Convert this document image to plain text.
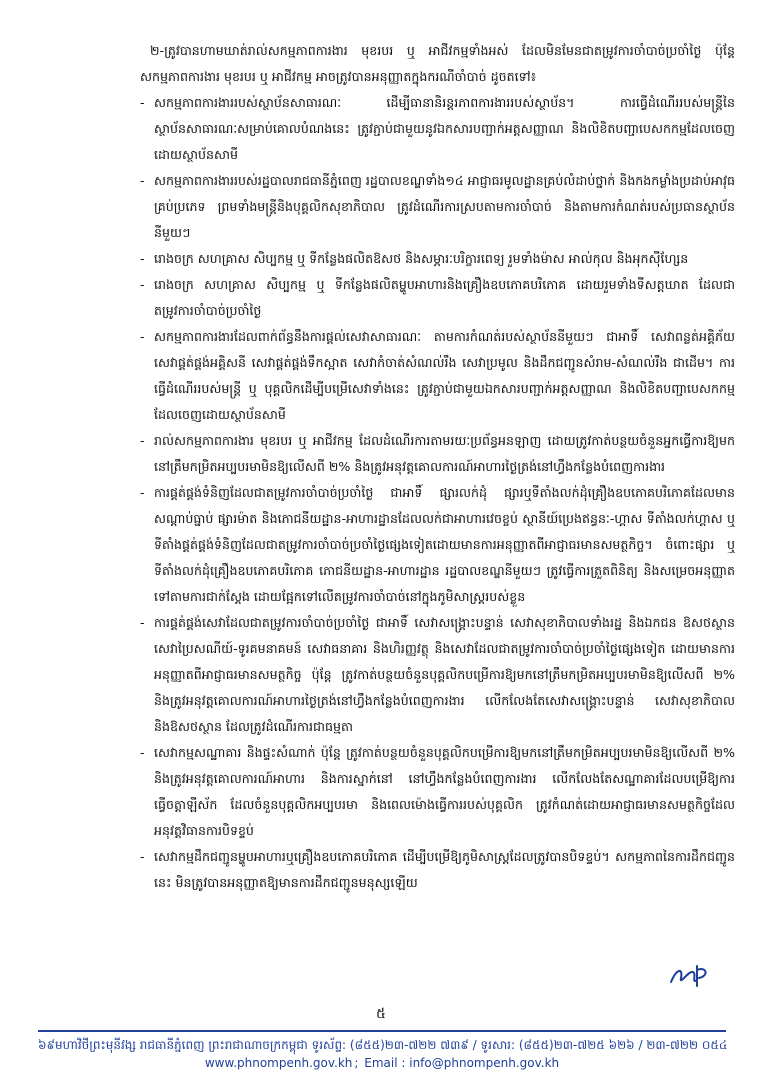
២-ត្រូវបានហាមឃាត់រាល់សកម្មភាពការងារ មុខរបរ ឬ អាជីវកម្មទាំងអស់ ដែលមិនមែនជាតម្រូវការចាំបាច់ប្រចាំថ្ងៃ ប៉ុន្តែ សកម្មភាពការងារ មុខរបរ ឬ អាជីវកម្ម អាចត្រូវបានអនុញ្ញាតក្នុងករណីចាំបាច់ ដូចតទៅ៖

- សកម្មភាពការងាររបស់ស្ថាប័នសាធារណៈ ដើម្បីធានានិរន្តរភាពការងាររបស់ស្ថាប័ន។ ការធ្វើដំណើររបស់មន្ត្រីនៃស្ថាប័នសាធារណៈសម្រាប់គោលបំណងនេះ ត្រូវភ្ជាប់ជាមួយនូវឯកសារបញ្ជាក់អត្តសញ្ញាណ និងលិខិតបញ្ជាបេសកកម្មដែលចេញដោយស្ថាប័នសាមី

- សកម្មភាពការងាររបស់រដ្ឋបាលរាជធានីភ្នំពេញ រដ្ឋបាលខណ្ឌទាំង១៤ អាជ្ញាធរមូលដ្ឋានគ្រប់លំដាប់ថ្នាក់ និងកងកម្លាំងប្រដាប់អាវុធគ្រប់ប្រភេទ ព្រមទាំងមន្ត្រីនិងបុគ្គលិកសុខាភិបាល ត្រូវដំណើរការស្របតាមការចាំបាច់ និងតាមការកំណត់របស់ប្រធានស្ថាប័ននីមួយៗ

- រោងចក្រ សហគ្រាស សិប្បកម្ម ឬ ទីកន្លែងផលិតឱសថ និងសម្ភារៈបរិក្ខារពេទ្យ រួមទាំងម៉ាស អាល់កុល និងអុកស៊ីហ្សែន

- រោងចក្រ សហគ្រាស សិប្បកម្ម ឬ ទីកន្លែងផលិតម្ហូបអាហារនិងគ្រឿងឧបភោគបរិភោគ ដោយរួមទាំងទីសត្តឃាត ដែលជាតម្រូវការចាំបាច់ប្រចាំថ្ងៃ

- សកម្មភាពការងារដែលពាក់ព័ន្ធនឹងការផ្តល់សេវាសាធារណៈ តាមការកំណត់របស់ស្ថាប័ននីមួយៗ ជាអាទិ៍ សេវាពន្លត់អគ្គិភ័យ សេវាផ្គត់ផ្គង់អគ្គិសនី សេវាផ្គត់ផ្គង់ទឹកស្អាត សេវាកំចាត់សំណល់រឹង សេវាប្រមូល និងដឹកជញ្ជូនសំរាម-សំណល់រឹង ជាដើម។ ការធ្វើដំណើររបស់មន្ត្រី ឬ បុគ្គលិកដើម្បីបម្រើសេវាទាំងនេះ ត្រូវភ្ជាប់ជាមួយឯកសារបញ្ជាក់អត្តសញ្ញាណ និងលិខិតបញ្ជាបេសកកម្មដែលចេញដោយស្ថាប័នសាមី

- រាល់សកម្មភាពការងារ មុខរបរ ឬ អាជីវកម្ម ដែលដំណើរការតាមរយៈប្រព័ន្ធអនឡាញ ដោយត្រូវកាត់បន្ថយចំនួនអ្នកធ្វើការឱ្យមកនៅត្រឹមកម្រិតអប្បបរមាមិនឱ្យលើសពី ២% និងត្រូវអនុវត្តគោលការណ៍អាហារថ្ងៃត្រង់នៅហ្វឹងកន្លែងបំពេញការងារ

- ការផ្គត់ផ្គង់ទំនិញដែលជាតម្រូវការចាំបាច់ប្រចាំថ្ងៃ ជាអាទិ៍ ផ្សារលក់ដុំ ផ្សារឬទីតាំងលក់ដុំគ្រឿងឧបភោគបរិភោគដែលមានសណ្តាប់ធ្នាប់ ផ្សារម៉ាត និងភោជនីយដ្ឋាន-អាហារដ្ឋានដែលលក់ជាអាហារវេចខ្ចប់ ស្ថានីយ៍ប្រេងឥន្ធនៈ-ហ្គាស ទីតាំងលក់ហ្គាស ឬ ទីតាំងផ្គត់ផ្គង់ទំនិញដែលជាតម្រូវការចាំបាច់ប្រចាំថ្ងៃផ្សេងទៀតដោយមានការអនុញ្ញាតពីអាជ្ញាធរមានសមត្ថកិច្ច។ ចំពោះផ្សារ ឬ ទីតាំងលក់ដុំគ្រឿងឧបភោគបរិភោគ ភោជនីយដ្ឋាន-អាហារដ្ឋាន រដ្ឋបាលខណ្ឌនីមួយៗ ត្រូវធ្វើការត្រួតពិនិត្យ និងសម្រេចអនុញ្ញាតទៅតាមការជាក់ស្តែង ដោយផ្អែកទៅលើតម្រូវការចាំបាច់នៅក្នុងភូមិសាស្ត្ររបស់ខ្លួន

- ការផ្គត់ផ្គង់សេវាដែលជាតម្រូវការចាំបាច់ប្រចាំថ្ងៃ ជាអាទិ៍ សេវាសង្គ្រោះបន្ទាន់ សេវាសុខាភិបាលទាំងរដ្ឋ និងឯកជន ឱសថស្ថាន សេវាប្រៃសណីយ៍-ទូរគមនាគមន៍ សេវាធនាគារ និងហិរញ្ញវត្ថុ និងសេវាដែលជាតម្រូវការចាំបាច់ប្រចាំថ្ងៃផ្សេងទៀត ដោយមានការអនុញ្ញាតពីអាជ្ញាធរមានសមត្ថកិច្ច ប៉ុន្តែ ត្រូវកាត់បន្ថយចំនួនបុគ្គលិកបម្រើការឱ្យមកនៅត្រឹមកម្រិតអប្បបរមាមិនឱ្យលើសពី ២% និងត្រូវអនុវត្តគោលការណ៍អាហារថ្ងៃត្រង់នៅហ្វឹងកន្លែងបំពេញការងារ លើកលែងតែសេវាសង្គ្រោះបន្ទាន់ សេវាសុខាភិបាល និងឱសថស្ថាន ដែលត្រូវដំណើរការជាធម្មតា

- សេវាកម្មសណ្ឋាគារ និងផ្ទះសំណាក់ ប៉ុន្តែ ត្រូវកាត់បន្ថយចំនួនបុគ្គលិកបម្រើការឱ្យមកនៅត្រឹមកម្រិតអប្បបរមាមិនឱ្យលើសពី ២% និងត្រូវអនុវត្តគោលការណ៍អាហារ និងការស្នាក់នៅ នៅហ្វឹងកន្លែងបំពេញការងារ លើកលែងតែសណ្ឋាគារដែលបម្រើឱ្យការធ្វើចត្តាឡីស័ក ដែលចំនួនបុគ្គលិកអប្បបរមា និងពេលម៉ោងធ្វើការរបស់បុគ្គលិក ត្រូវកំណត់ដោយអាជ្ញាធរមានសមត្ថកិច្ចដែលអនុវត្តវិធានការបិទខ្ទប់

- សេវាកម្មដឹកជញ្ជូនម្ហូបអាហារឬគ្រឿងឧបភោគបរិភោគ ដើម្បីបម្រើឱ្យភូមិសាស្ត្រដែលត្រូវបានបិទខ្ទប់។ សកម្មភាពនៃការដឹកជញ្ជូននេះ មិនត្រូវបានអនុញ្ញាតឱ្យមានការដឹកជញ្ជូនមនុស្សឡើយ

៥
៦៩មហាវិថីព្រះមុនីវង្ស រាជធានីភ្នំពេញ ព្រះរាជាណាចក្រកម្ពុជា ទូរស័ព្ទ: (៨៥៥)២៣-៧២២ ៧៣៩ / ទូរសារ: (៨៥៥)២៣-៧២៥ ៦២៦ / ២៣-៧២២ ០៥៤
www.phnompenh.gov.kh ; Email : info@phnompenh.gov.kh
